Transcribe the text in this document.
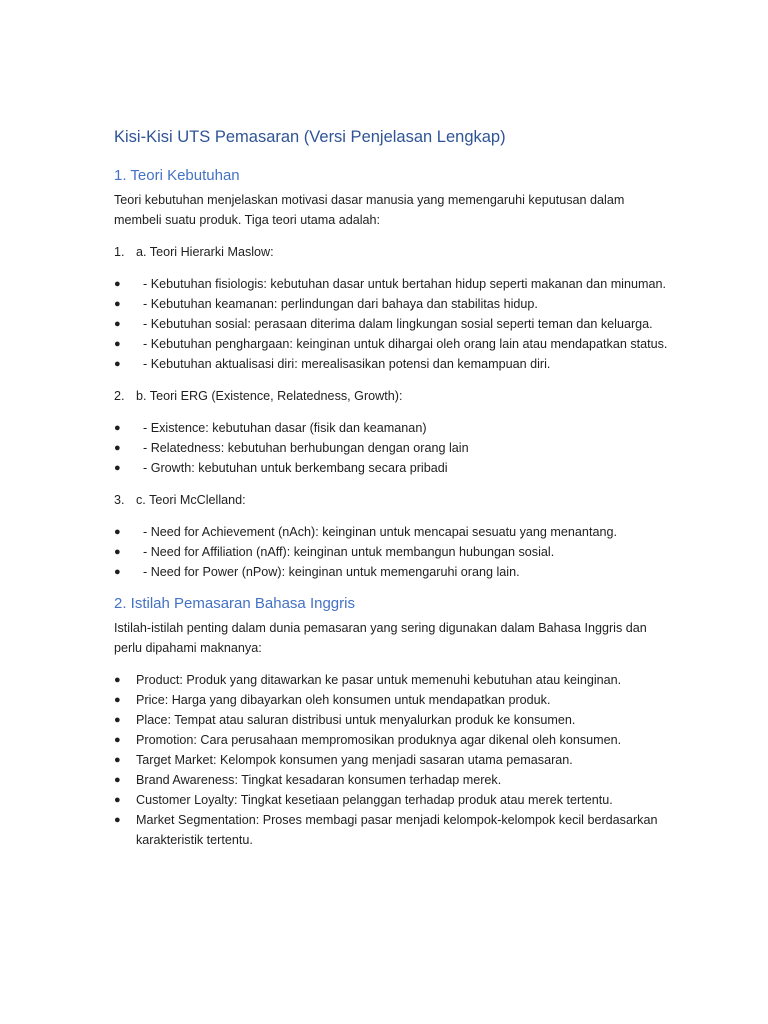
Kisi-Kisi UTS Pemasaran (Versi Penjelasan Lengkap)
1. Teori Kebutuhan

Teori kebutuhan menjelaskan motivasi dasar manusia yang memengaruhi keputusan dalam membeli suatu produk. Tiga teori utama adalah:

1. a. Teori Hierarki Maslow:
●	- Kebutuhan fisiologis: kebutuhan dasar untuk bertahan hidup seperti makanan dan minuman.
●	- Kebutuhan keamanan: perlindungan dari bahaya dan stabilitas hidup.
●	- Kebutuhan sosial: perasaan diterima dalam lingkungan sosial seperti teman dan keluarga.
●	- Kebutuhan penghargaan: keinginan untuk dihargai oleh orang lain atau mendapatkan status.
●	- Kebutuhan aktualisasi diri: merealisasikan potensi dan kemampuan diri.
2. b. Teori ERG (Existence, Relatedness, Growth):
●	- Existence: kebutuhan dasar (fisik dan keamanan)
●	- Relatedness: kebutuhan berhubungan dengan orang lain
●	- Growth: kebutuhan untuk berkembang secara pribadi
3. c. Teori McClelland:
●	- Need for Achievement (nAch): keinginan untuk mencapai sesuatu yang menantang.
●	- Need for Affiliation (nAff): keinginan untuk membangun hubungan sosial.
●	- Need for Power (nPow): keinginan untuk memengaruhi orang lain.
2. Istilah Pemasaran Bahasa Inggris

Istilah-istilah penting dalam dunia pemasaran yang sering digunakan dalam Bahasa Inggris dan perlu dipahami maknanya:

●	Product: Produk yang ditawarkan ke pasar untuk memenuhi kebutuhan atau keinginan.
●	Price: Harga yang dibayarkan oleh konsumen untuk mendapatkan produk.
●	Place: Tempat atau saluran distribusi untuk menyalurkan produk ke konsumen.
●	Promotion: Cara perusahaan mempromosikan produknya agar dikenal oleh konsumen.
●	Target Market: Kelompok konsumen yang menjadi sasaran utama pemasaran.
●	Brand Awareness: Tingkat kesadaran konsumen terhadap merek.
●	Customer Loyalty: Tingkat kesetiaan pelanggan terhadap produk atau merek tertentu.
●	Market Segmentation: Proses membagi pasar menjadi kelompok-kelompok kecil berdasarkan karakteristik tertentu.
